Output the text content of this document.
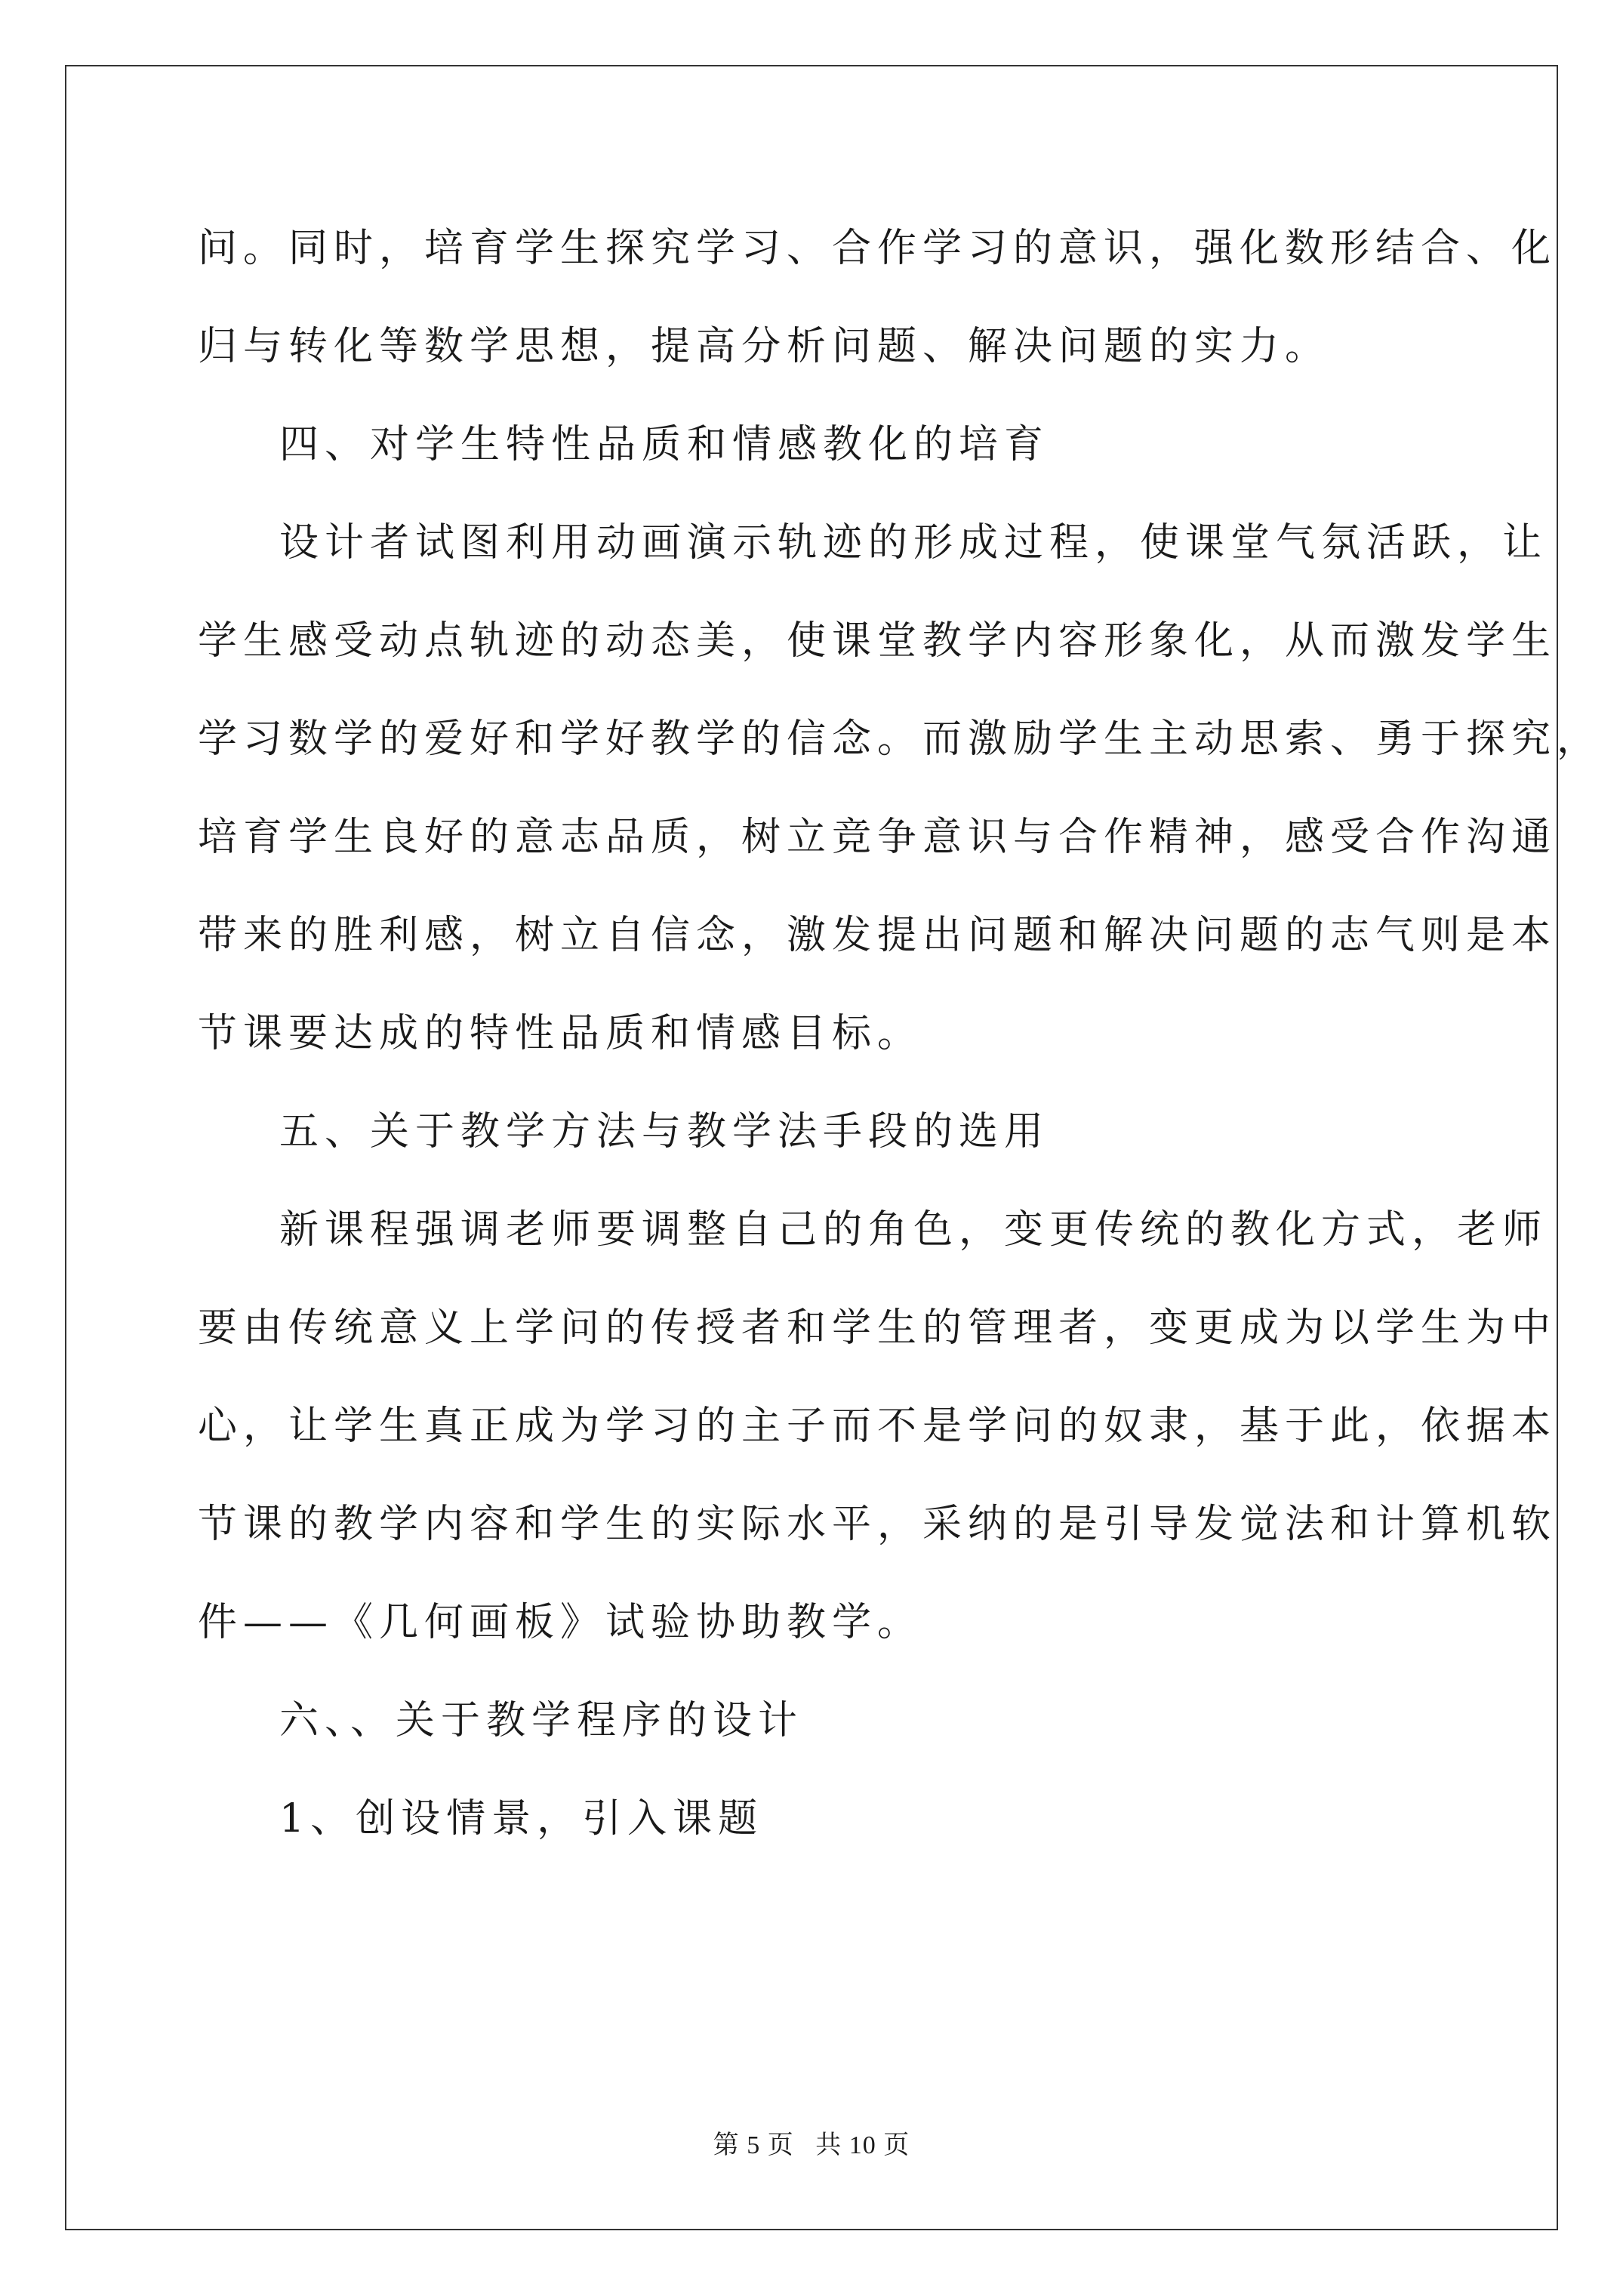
问。同时，培育学生探究学习、合作学习的意识，强化数形结合、化
归与转化等数学思想，提高分析问题、解决问题的实力。
四、对学生特性品质和情感教化的培育
设计者试图利用动画演示轨迹的形成过程，使课堂气氛活跃，让
学生感受动点轨迹的动态美，使课堂教学内容形象化，从而激发学生
学习数学的爱好和学好教学的信念。而激励学生主动思索、勇于探究，
培育学生良好的意志品质，树立竞争意识与合作精神，感受合作沟通
带来的胜利感，树立自信念，激发提出问题和解决问题的志气则是本
节课要达成的特性品质和情感目标。
五、关于教学方法与教学法手段的选用
新课程强调老师要调整自己的角色，变更传统的教化方式，老师
要由传统意义上学问的传授者和学生的管理者，变更成为以学生为中
心，让学生真正成为学习的主子而不是学问的奴隶，基于此，依据本
节课的教学内容和学生的实际水平，采纳的是引导发觉法和计算机软
件——《几何画板》试验协助教学。
六、、关于教学程序的设计
1、创设情景，引入课题
第 5 页 共 10 页
